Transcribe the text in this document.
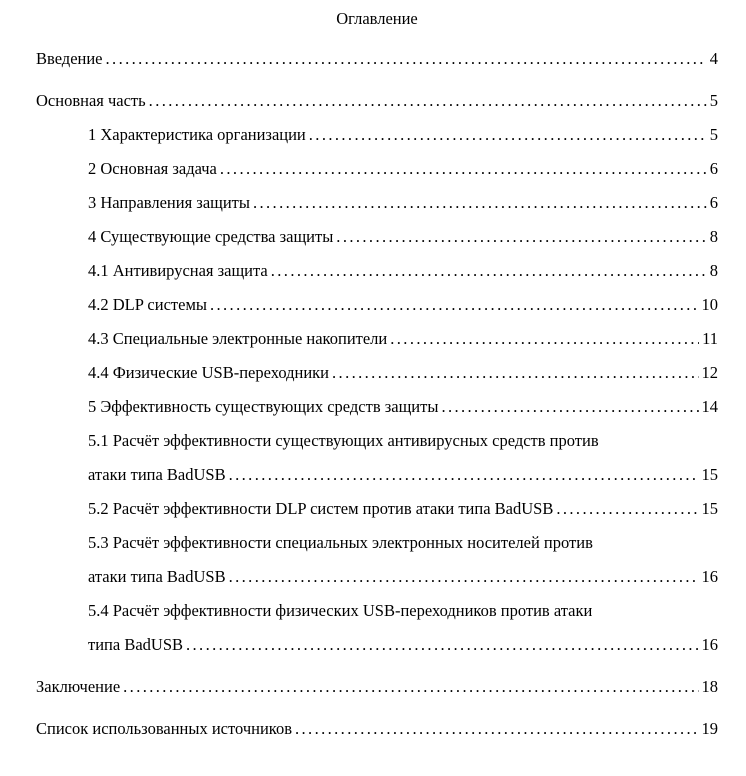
Оглавление
Введение .....	4
Основная часть .....	5
1 Характеристика организации .....	5
2 Основная задача .....	6
3 Направления защиты .....	6
4 Существующие средства защиты .....	8
4.1 Антивирусная защита .....	8
4.2 DLP системы .....	10
4.3 Специальные электронные накопители .....	11
4.4 Физические USB-переходники .....	12
5 Эффективность существующих средств защиты .....	14
5.1 Расчёт эффективности существующих антивирусных средств против
атаки типа BadUSB .....	15
5.2 Расчёт эффективности DLP систем против атаки типа BadUSB .....	15
5.3 Расчёт эффективности специальных электронных носителей против
атаки типа BadUSB .....	16
5.4 Расчёт эффективности физических USB-переходников против атаки
типа BadUSB .....	16
Заключение .....	18
Список использованных источников .....	19
